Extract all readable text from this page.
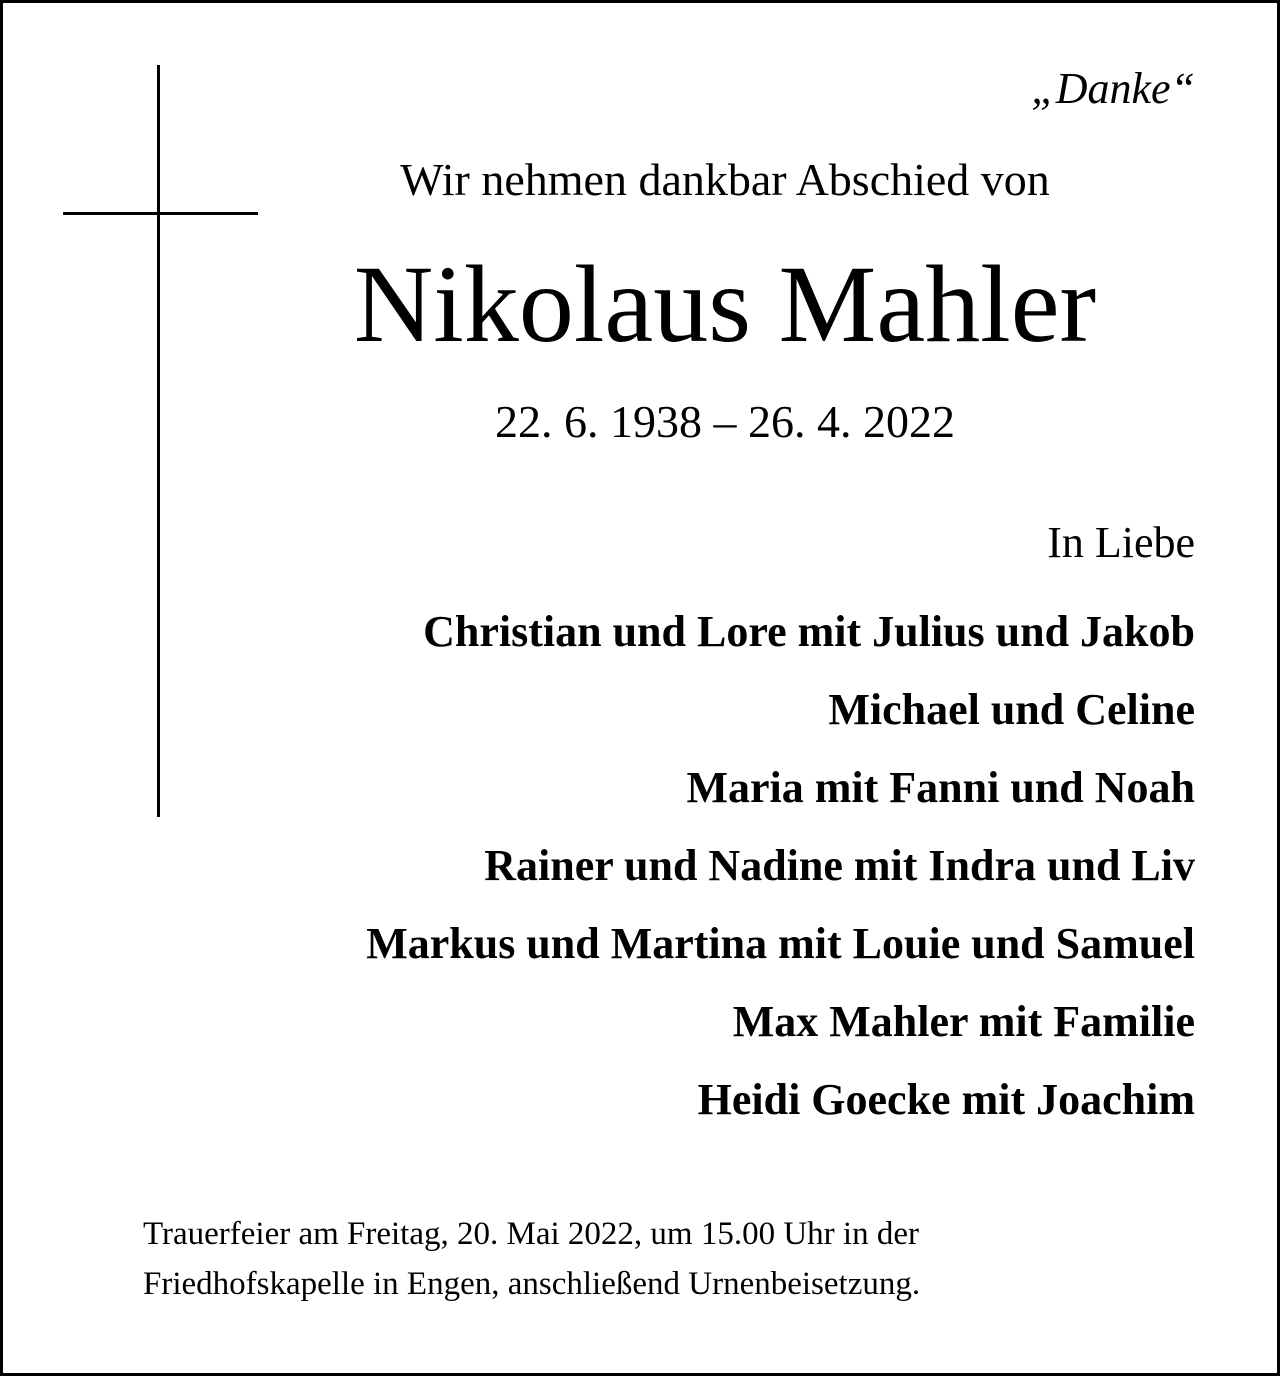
„Danke“
Wir nehmen dankbar Abschied von
Nikolaus Mahler
22. 6. 1938 – 26. 4. 2022
In Liebe
Christian und Lore mit Julius und Jakob
Michael und Celine
Maria mit Fanni und Noah
Rainer und Nadine mit Indra und Liv
Markus und Martina mit Louie und Samuel
Max Mahler mit Familie
Heidi Goecke mit Joachim
Trauerfeier am Freitag, 20. Mai 2022, um 15.00 Uhr in der
Friedhofskapelle in Engen, anschließend Urnenbeisetzung.
